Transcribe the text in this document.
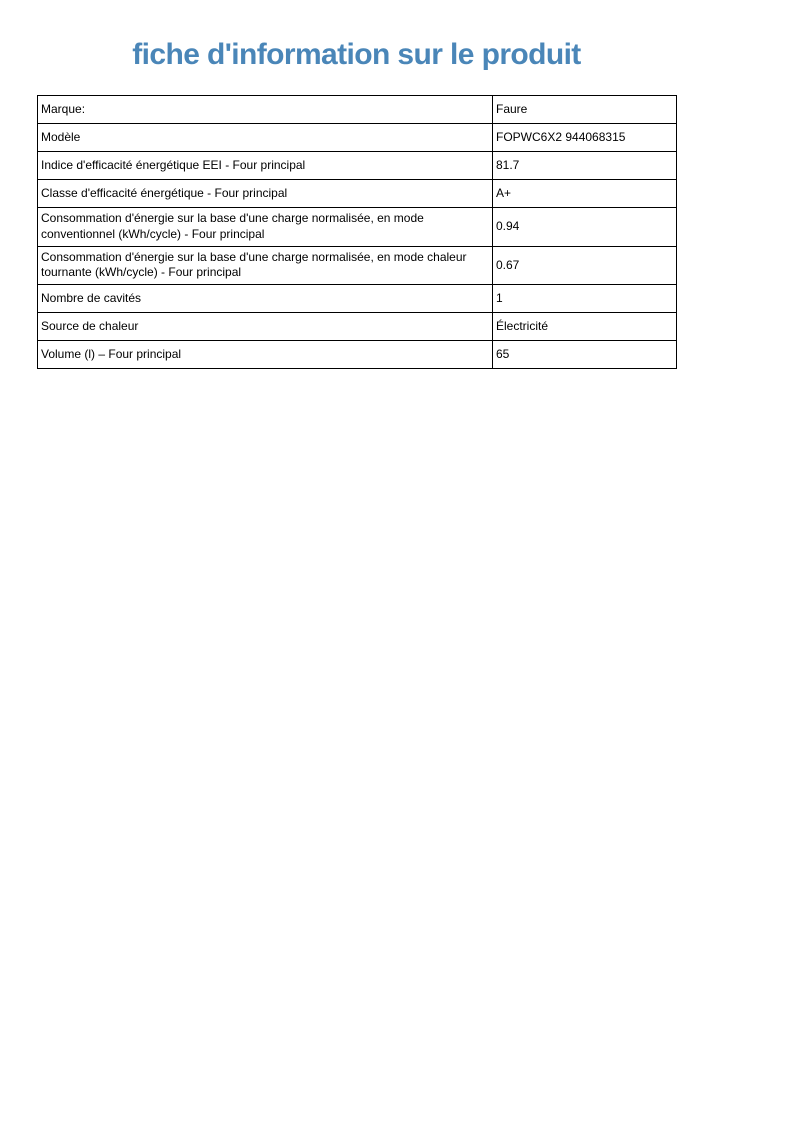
fiche d'information sur le produit
Marque:	Faure
Modèle	FOPWC6X2 944068315
Indice d'efficacité énergétique EEI - Four principal	81.7
Classe d'efficacité énergétique - Four principal	A+
Consommation d'énergie sur la base d'une charge normalisée, en mode conventionnel (kWh/cycle) - Four principal	0.94
Consommation d'énergie sur la base d'une charge normalisée, en mode chaleur tournante (kWh/cycle) - Four principal	0.67
Nombre de cavités	1
Source de chaleur	Électricité
Volume (l) – Four principal	65
